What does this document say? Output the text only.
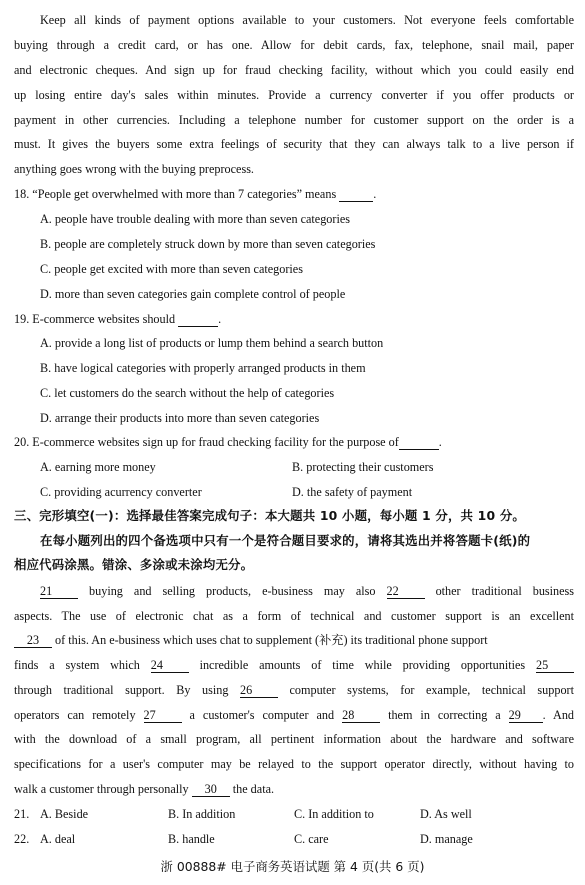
Keep all kinds of payment options available to your customers. Not everyone feels comfortable
buying through a credit card, or has one. Allow for debit cards, fax, telephone, snail mail, paper
and electronic cheques. And sign up for fraud checking facility, without which you could easily end
up losing entire day's sales within minutes. Provide a currency converter if you offer products or
payment in other currencies. Including a telephone number for customer support on the order is a
must. It gives the buyers some extra feelings of security that they can always talk to a live person if
anything goes wrong with the buying preprocess.
18. “People get overwhelmed with more than 7 categories” means	.
A. people have trouble dealing with more than seven categories
B. people are completely struck down by more than seven categories
C. people get excited with more than seven categories
D. more than seven categories gain complete control of people
19. E-commerce websites should	.
A. provide a long list of products or lump them behind a search button
B. have logical categories with properly arranged products in them
C. let customers do the search without the help of categories
D. arrange their products into more than seven categories
20. E-commerce websites sign up for fraud checking facility for the purpose of	.
A. earning more money	B. protecting their customers
C. providing acurrency converter	D. the safety of payment
三、完形填空(一)：选择最佳答案完成句子：本大题共 10 小题，每小题 1 分，共 10 分。
在每小题列出的四个备选项中只有一个是符合题目要求的，请将其选出并将答题卡(纸)的
相应代码涂黑。错涂、多涂或未涂均无分。
21	buying and selling products, e-business may also 22	other traditional business
aspects. The use of electronic chat as a form of technical and customer support is an excellent
23 of this. An e-business which uses chat to supplement (补充) its traditional phone support
finds a system which 24	incredible amounts of time while providing opportunities 25
through traditional support. By using 26	computer systems, for example, technical support
operators can remotely 27	a customer's computer and 28	them in correcting a 29 . And
with the download of a small program, all pertinent information about the hardware and software
specifications for a user's computer may be relayed to the support operator directly, without having to
walk a customer through personally 30 the data.
21. A. Beside	B. In addition	C. In addition to	D. As well
22. A. deal	B. handle	C. care	D. manage
浙 00888# 电子商务英语试题 第 4 页(共 6 页)
